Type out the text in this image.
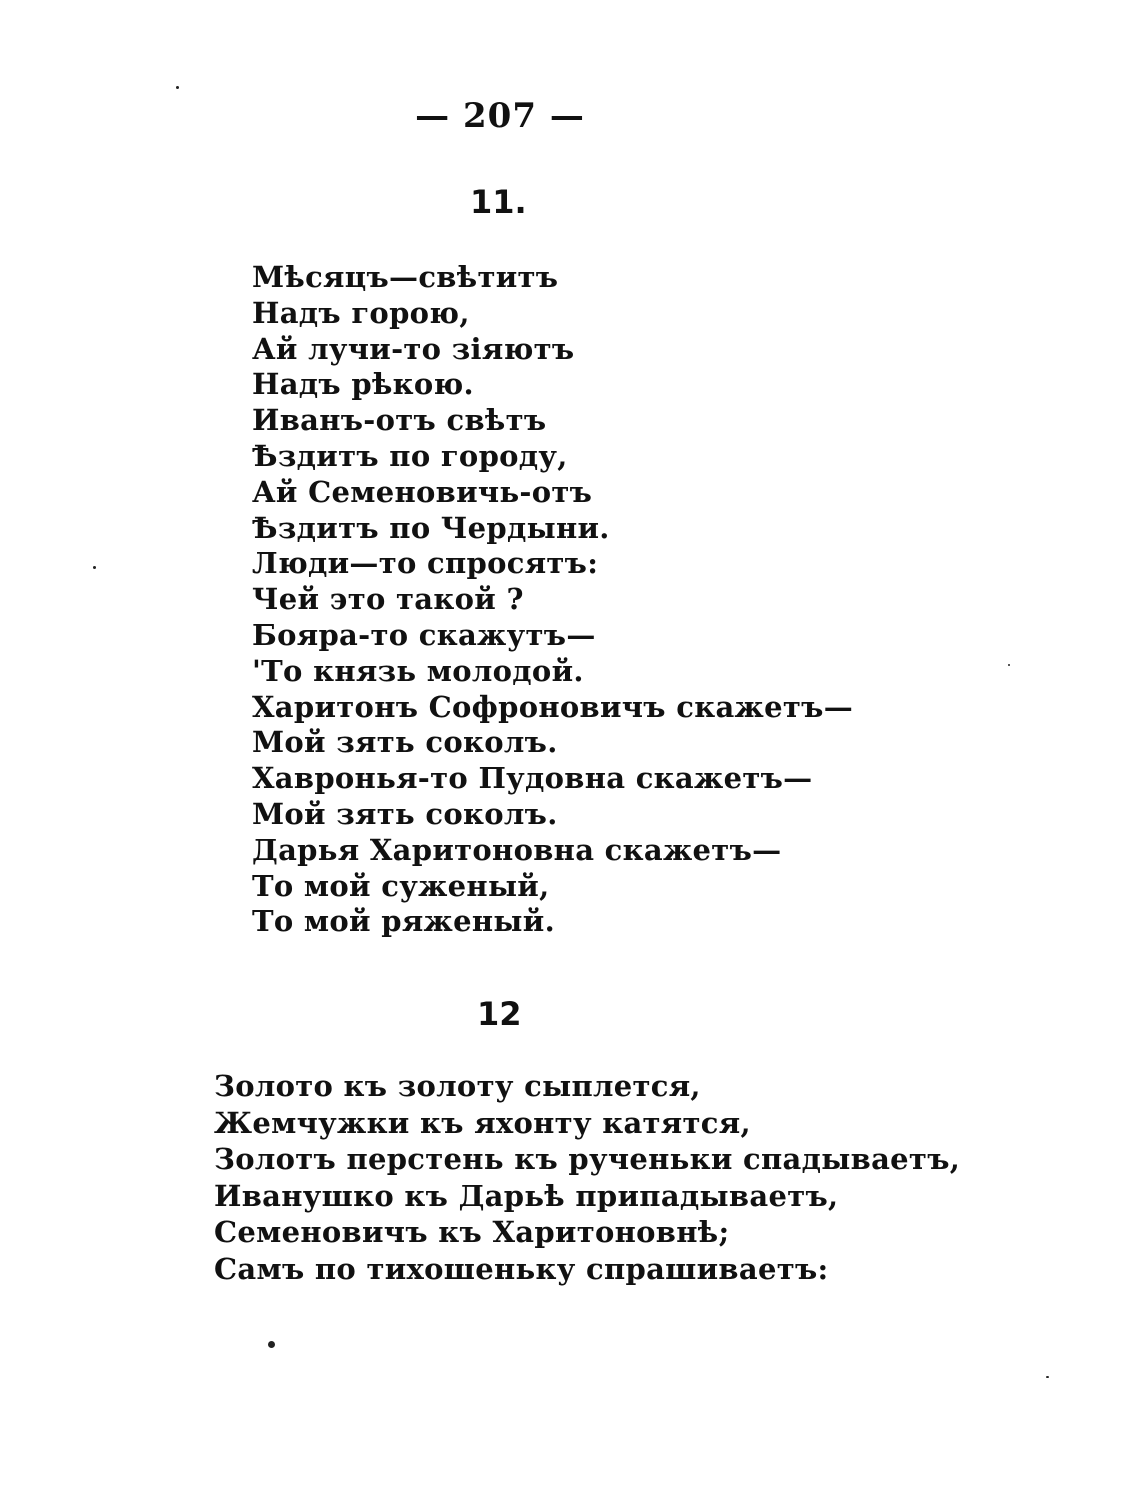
— 207 —
11.
Мѣсяцъ—свѣтитъ
Надъ горою,
Ай лучи-то зіяютъ
Надъ рѣкою.
Иванъ-отъ свѣтъ
Ѣздитъ по городу,
Ай Семеновичь-отъ
Ѣздитъ по Чердыни.
Люди—то спросятъ:
Чей это такой ?
Бояра-то скажутъ—
'То князь молодой.
Харитонъ Софроновичъ скажетъ—
Мой зять соколъ.
Хавронья-то Пудовна скажетъ—
Мой зять соколъ.
Дарья Харитоновна скажетъ—
То мой суженый,
То мой ряженый.
12
Золото къ золоту сыплется,
Жемчужки къ яхонту катятся,
Золотъ перстень къ рученьки спадываетъ,
Иванушко къ Дарьѣ припадываетъ,
Семеновичъ къ Харитоновнѣ;
Самъ по тихошеньку спрашиваетъ:
